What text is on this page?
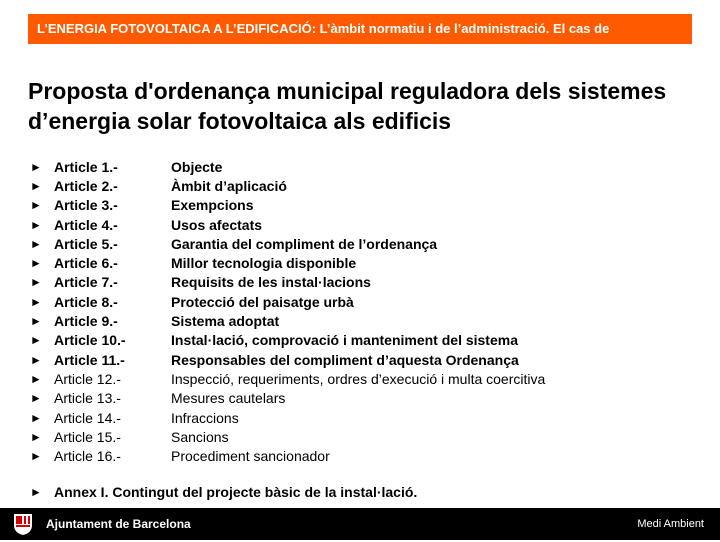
L’ENERGIA FOTOVOLTAICA A L’EDIFICACIÓ: L’àmbit normatiu i de l’administració. El cas de
Proposta d'ordenança municipal reguladora dels sistemes d’energia solar fotovoltaica als edificis
► Article 1.-	Objecte
► Article 2.-	Àmbit d’aplicació
► Article 3.-	Exempcions
► Article 4.-	Usos afectats
► Article 5.-	Garantia del compliment de l’ordenança
► Article 6.-	Millor tecnologia disponible
► Article 7.-	Requisits de les instal·lacions
► Article 8.-	Protecció del paisatge urbà
► Article 9.-	Sistema adoptat
► Article 10.-	Instal·lació, comprovació i manteniment del sistema
► Article 11.-	Responsables del compliment d’aquesta Ordenança
► Article 12.-	Inspecció, requeriments, ordres d’execució i multa coercitiva
► Article 13.-	Mesures cautelars
► Article 14.-	Infraccions
► Article 15.-	Sancions
► Article 16.-	Procediment sancionador
► Annex I. Contingut del projecte bàsic de la instal·lació.
Ajuntament de Barcelona	Medi Ambient
